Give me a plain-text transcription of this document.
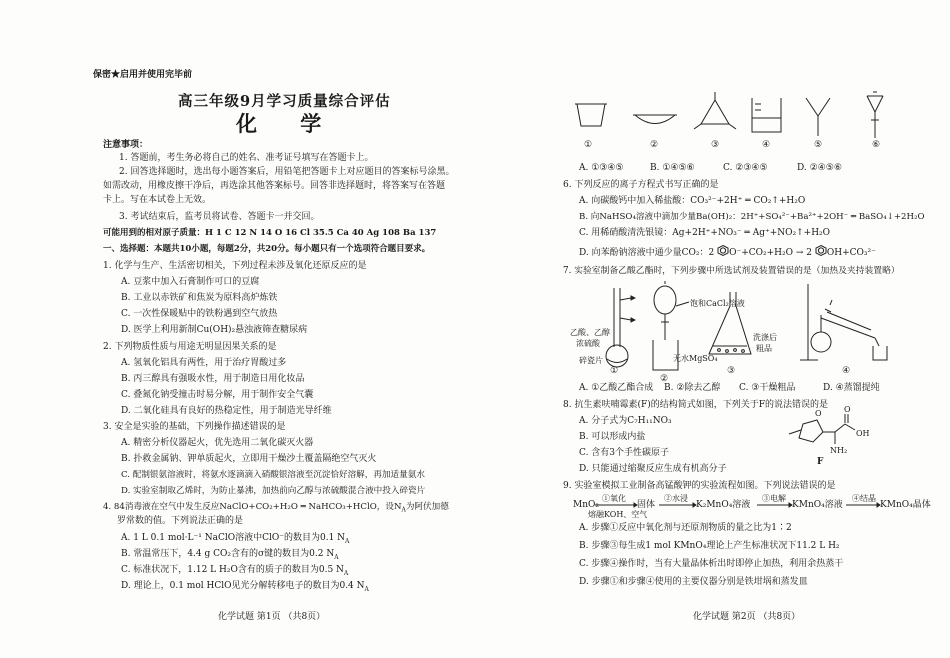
保密★启用并使用完毕前
高三年级9月学习质量综合评估
化 学
注意事项：
1. 答题前，考生务必将自己的姓名、准考证号填写在答题卡上。
2. 回答选择题时，选出每小题答案后，用铅笔把答题卡上对应题目的答案标号涂黑。
如需改动，用橡皮擦干净后，再选涂其他答案标号。回答非选择题时，将答案写在答题
卡上。写在本试卷上无效。
3. 考试结束后，监考员将试卷、答题卡一并交回。
可能用到的相对原子质量：H 1 C 12 N 14 O 16 Cl 35.5 Ca 40 Ag 108 Ba 137
一、选择题：本题共10小题，每题2分，共20分。每小题只有一个选项符合题目要求。
1. 化学与生产、生活密切相关，下列过程未涉及氧化还原反应的是
A. 豆浆中加入石膏制作可口的豆腐
B. 工业以赤铁矿和焦炭为原料高炉炼铁
C. 一次性保暖贴中的铁粉遇到空气放热
D. 医学上利用新制Cu(OH)₂悬浊液筛查糖尿病
2. 下列物质性质与用途无明显因果关系的是
A. 氢氧化铝具有两性，用于治疗胃酸过多
B. 丙三醇具有强吸水性，用于制造日用化妆品
C. 叠氮化钠受撞击时易分解，用于制作安全气囊
D. 二氧化硅具有良好的热稳定性，用于制造光导纤维
3. 安全是实验的基础，下列操作描述错误的是
A. 精密分析仪器起火，优先选用二氧化碳灭火器
B. 扑救金属钠、钾单质起火，立即用干燥沙土覆盖隔绝空气灭火
C. 配制银氨溶液时，将氨水逐滴滴入硝酸银溶液至沉淀恰好溶解，再加适量氨水
D. 实验室制取乙烯时，为防止暴沸，加热前向乙醇与浓硫酸混合液中投入碎瓷片
4. 84消毒液在空气中发生反应NaClO+CO₂+H₂O ═ NaHCO₃+HClO，设$N_A$为阿伏加德
罗常数的值。下列说法正确的是
A. 1 L 0.1 mol·L⁻¹ NaClO溶液中ClO⁻的数目为0.1 $N_A$
B. 常温常压下，4.4 g CO₂含有的σ键的数目为0.2 $N_A$
C. 标准状况下，1.12 L H₂O含有的质子的数目为0.5 $N_A$
D. 理论上，0.1 mol HClO见光分解转移电子的数目为0.4 $N_A$
化学试题 第1页 （共8页）
①	②	③	④	⑤	⑥
A. ①③④⑤	B. ①④⑤⑥	C. ②③④⑤	D. ②④⑤⑥
6. 下列反应的离子方程式书写正确的是
A. 向碳酸钙中加入稀盐酸：CO₃²⁻+2H⁺ ═ CO₂↑+H₂O
B. 向NaHSO₄溶液中滴加少量Ba(OH)₂：2H⁺+SO₄²⁻+Ba²⁺+2OH⁻ ═ BaSO₄↓+2H₂O
C. 用稀硝酸清洗银镜：Ag+2H⁺+NO₃⁻ ═ Ag⁺+NO₂↑+H₂O
D. 向苯酚钠溶液中通少量CO₂：2 O⁻+CO₂+H₂O → 2 OH+CO₃²⁻
7. 实验室制备乙酸乙酯时，下列步骤中所选试剂及装置错误的是（加热及夹持装置略）
乙酸、乙醇
浓硫酸
碎瓷片
饱和CaCl₂溶液
洗涤后
粗品
无水MgSO₄
①
②
③	④
A. ①乙酸乙酯合成 B. ②除去乙醇 C. ③干燥粗品	D. ④蒸馏提纯
8. 抗生素呋喃霉素(F)的结构简式如图，下列关于F的说法错误的是
A. 分子式为C₇H₁₁NO₃
B. 可以形成内盐
C. 含有3个手性碳原子
D. 只能通过缩聚反应生成有机高分子
O	O
OH
NH₂
F
9. 实验室模拟工业制备高锰酸钾的实验流程如图。下列说法错误的是
MnO₂
①氧化
熔融KOH、空气
固体
②水浸
K₂MnO₄溶液
③电解
KMnO₄溶液
④结晶
KMnO₄晶体
A. 步骤①反应中氧化剂与还原剂物质的量之比为1∶2
B. 步骤③每生成1 mol KMnO₄理论上产生标准状况下11.2 L H₂
C. 步骤④操作时，当有大量晶体析出时即停止加热，利用余热蒸干
D. 步骤①和步骤④使用的主要仪器分别是铁坩埚和蒸发皿
化学试题 第2页 （共8页）
